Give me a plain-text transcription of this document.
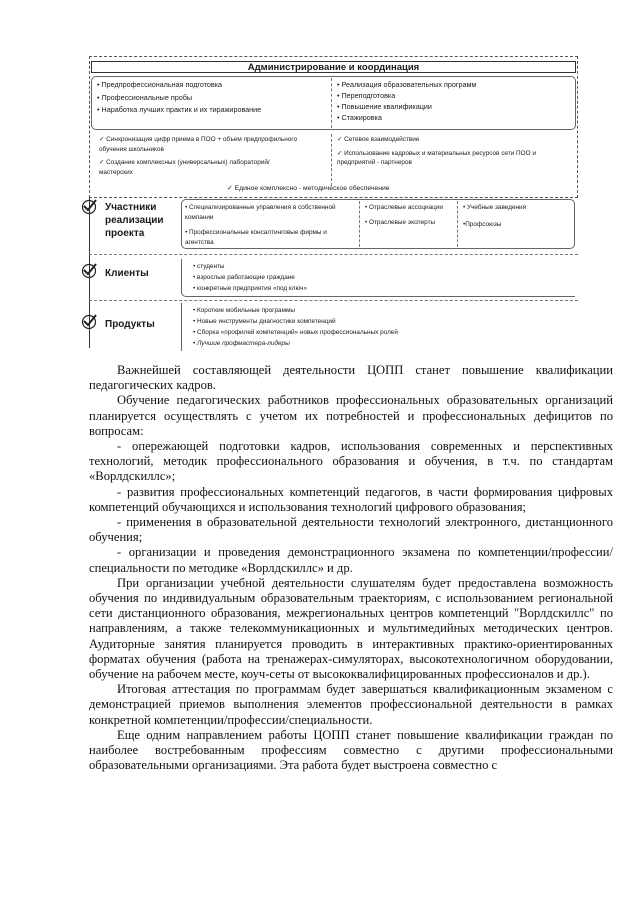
Администрирование и координация
• Предпрофессиональная подготовка
• Профессиональные пробы
• Наработка лучших практик и их тиражирование
• Реализация образовательных программ
• Переподготовка
• Повышение квалификации
• Стажировка
✓ Синхронизация цифр приема в ПОО + объем предпрофильного обучения школьников
✓ Создание комплексных (универсальных) лабораторий/мастерских
✓ Сетевое взаимодействие
✓ Использование кадровых и материальных ресурсов сети ПОО и предприятий - партнеров
✓ Единое комплексно - методическое обеспечение
Участники реализации проекта
• Специализированные управления в собственной компании
• Профессиональные консалтинговые фирмы и агентства
• Отраслевые ассоциации
• Отраслевые эксперты
• Учебные заведения
•Профсоюзы
Клиенты
• студенты
• взрослые работающие граждане
• конкретные предприятия «под ключ»
Продукты
• Короткие мобильные программы
• Новые инструменты диагностики компетенций
• Сборка «профилей компетенций» новых профессиональных ролей
• Лучшие профмастера-лидеры

Важнейшей составляющей деятельности ЦОПП станет повышение квалификации педагогических кадров.

Обучение педагогических работников профессиональных образовательных организаций планируется осуществлять с учетом их потребностей и профессиональных дефицитов по вопросам:

- опережающей подготовки кадров, использования современных и перспективных технологий, методик профессионального образования и обучения, в т.ч. по стандартам «Ворлдскиллс»;

- развития профессиональных компетенций педагогов, в части формирования цифровых компетенций обучающихся и использования технологий цифрового образования;

- применения в образовательной деятельности технологий электронного, дистанционного обучения;

- организации и проведения демонстрационного экзамена по компетенции/профессии/специальности по методике «Ворлдскиллс» и др.

При организации учебной деятельности слушателям будет предоставлена возможность обучения по индивидуальным образовательным траекториям, с использованием региональной сети дистанционного образования, межрегиональных центров компетенций "Ворлдскиллс" по направлениям, а также телекоммуникационных и мультимедийных методических центров. Аудиторные занятия планируется проводить в интерактивных практико-ориентированных форматах обучения (работа на тренажерах-симуляторах, высокотехнологичном оборудовании, обучение на рабочем месте, коуч-сеты от высококвалифицированных профессионалов и др.).

Итоговая аттестация по программам будет завершаться квалификационным экзаменом с демонстрацией приемов выполнения элементов профессиональной деятельности в рамках конкретной компетенции/профессии/специальности.

Еще одним направлением работы ЦОПП станет повышение квалификации граждан по наиболее востребованным профессиям совместно с другими профессиональными образовательными организациями. Эта работа будет выстроена совместно с
